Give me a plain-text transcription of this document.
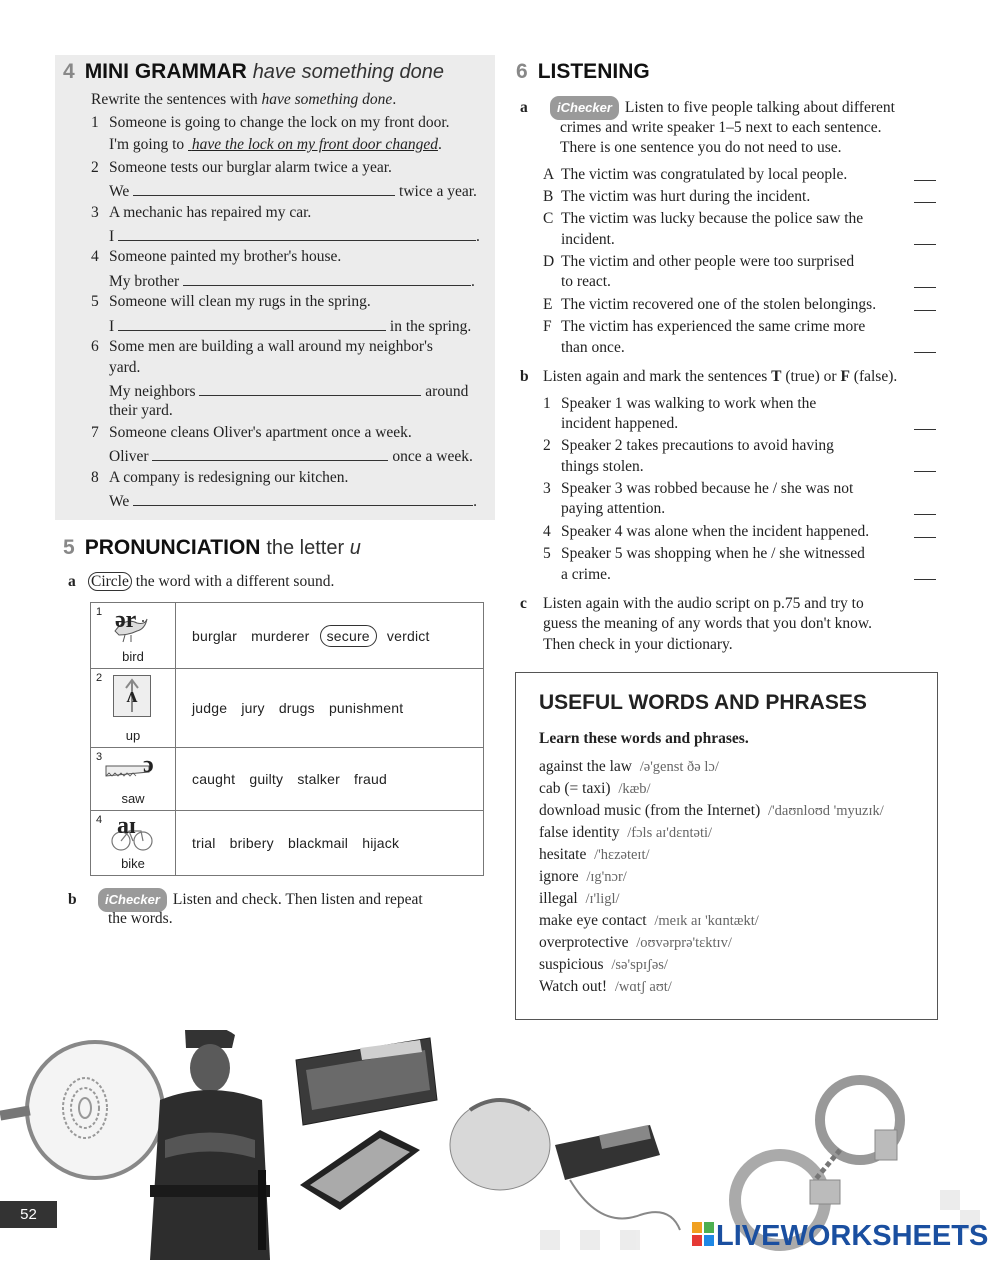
4 MINI GRAMMAR have something done
Rewrite the sentences with have something done.
1 Someone is going to change the lock on my front door.
I'm going to have the lock on my front door changed.
2 Someone tests our burglar alarm twice a year.
We	twice a year.
3 A mechanic has repaired my car.
I	.
4 Someone painted my brother's house.
My brother	.
5 Someone will clean my rugs in the spring.
I	in the spring.
6 Some men are building a wall around my neighbor's
yard.
My neighbors	around
their yard.
7 Someone cleans Oliver's apartment once a week.
Oliver	once a week.
8 A company is redesigning our kitchen.
We	.
5 PRONUNCIATION the letter u
a Circle the word with a different sound.
1 ər
bird	burglar murderer secure verdict

2
ʌ
up	judge jury drugs punishment

3 ɔ
saw	caught guilty stalker fraud

4 aɪ
bike	trial bribery blackmail hijack
b iChecker Listen and check. Then listen and repeat
the words.
6 LISTENING
a iChecker Listen to five people talking about different
crimes and write speaker 1–5 next to each sentence.
There is one sentence you do not need to use.
A The victim was congratulated by local people.
B The victim was hurt during the incident.
C The victim was lucky because the police saw the
incident.
D The victim and other people were too surprised
to react.
E The victim recovered one of the stolen belongings.
F The victim has experienced the same crime more
than once.
b Listen again and mark the sentences T (true) or F (false).
1 Speaker 1 was walking to work when the
incident happened.
2 Speaker 2 takes precautions to avoid having
things stolen.
3 Speaker 3 was robbed because he / she was not
paying attention.
4 Speaker 4 was alone when the incident happened.
5 Speaker 5 was shopping when he / she witnessed
a crime.
c Listen again with the audio script on p.75 and try to
guess the meaning of any words that you don't know.
Then check in your dictionary.
USEFUL WORDS AND PHRASES
Learn these words and phrases.
against the law /ə'genst ðə lɔ/
cab (= taxi) /kæb/
download music (from the Internet) /'daʊnloʊd 'myuzɪk/
false identity /fɔls aɪ'dɛntəti/
hesitate /'hɛzəteɪt/
ignore /ɪg'nɔr/
illegal /ɪ'ligl/
make eye contact /meɪk aɪ 'kɑntækt/
overprotective /oʊvərprə'tɛktɪv/
suspicious /sə'spɪʃəs/
Watch out! /wɑtʃ aʊt/
52
LIVEWORKSHEETS
